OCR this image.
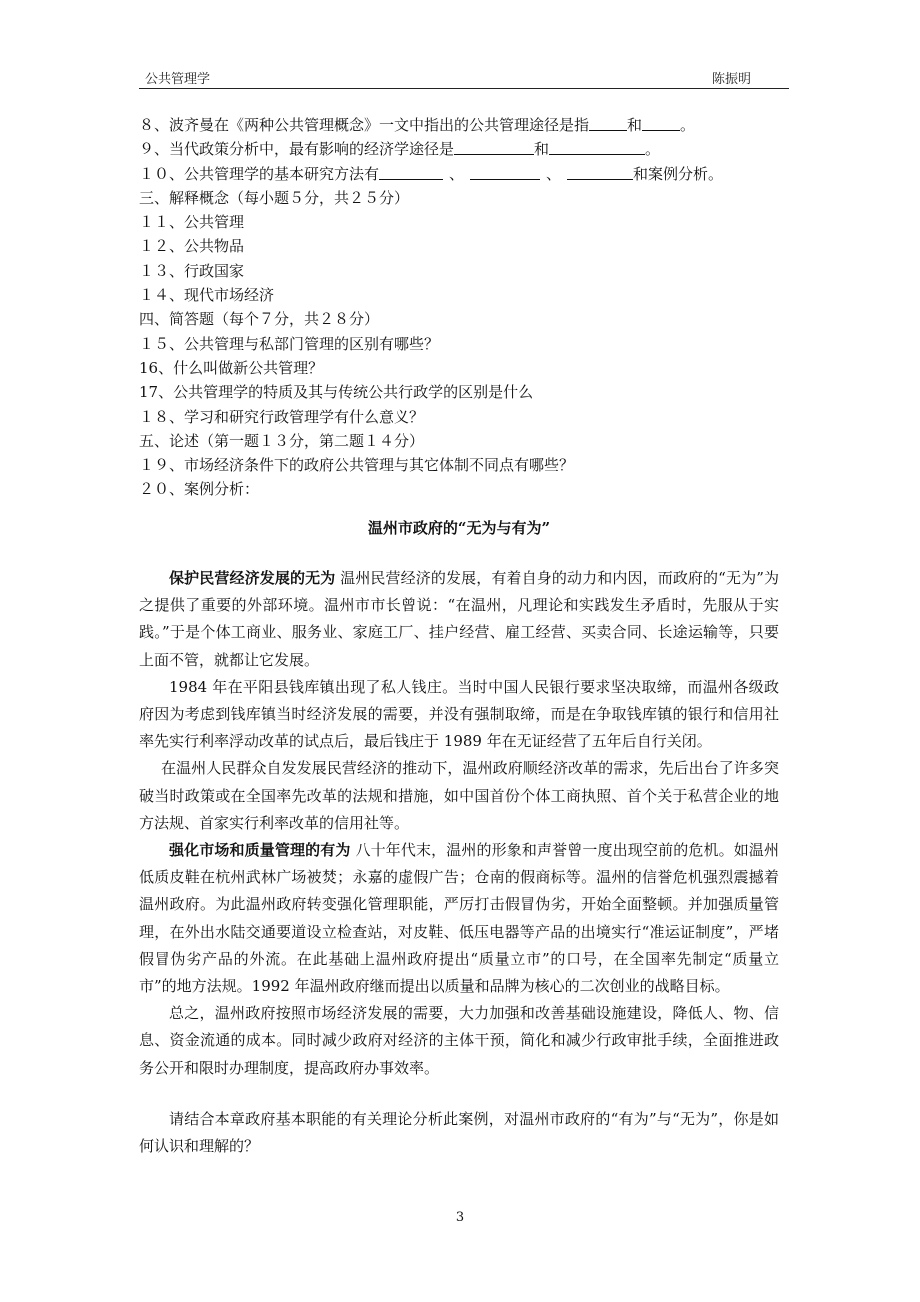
公共管理学	陈振明
８、波齐曼在《两种公共管理概念》一文中指出的公共管理途径是指	和	。
９、当代政策分析中，最有影响的经济学途径是	和	。
１０、公共管理学的基本研究方法有	、	、	和案例分析。
三、解释概念（每小题５分，共２５分）
１１、公共管理
１２、公共物品
１３、行政国家
１４、现代市场经济
四、简答题（每个７分，共２８分）
１５、公共管理与私部门管理的区别有哪些？
16、什么叫做新公共管理？
17、公共管理学的特质及其与传统公共行政学的区别是什么
１８、学习和研究行政管理学有什么意义？
五、论述（第一题１３分，第二题１４分）
１９、市场经济条件下的政府公共管理与其它体制不同点有哪些？
２０、案例分析：
温州市政府的“无为与有为”

保护民营经济发展的无为 温州民营经济的发展，有着自身的动力和内因，而政府的“无为”为之提供了重要的外部环境。温州市市长曾说：“在温州，凡理论和实践发生矛盾时，先服从于实践。”于是个体工商业、服务业、家庭工厂、挂户经营、雇工经营、买卖合同、长途运输等，只要上面不管，就都让它发展。

1984 年在平阳县钱库镇出现了私人钱庄。当时中国人民银行要求坚决取缔，而温州各级政府因为考虑到钱库镇当时经济发展的需要，并没有强制取缔，而是在争取钱库镇的银行和信用社率先实行利率浮动改革的试点后，最后钱庄于 1989 年在无证经营了五年后自行关闭。

在温州人民群众自发发展民营经济的推动下，温州政府顺经济改革的需求，先后出台了许多突破当时政策或在全国率先改革的法规和措施，如中国首份个体工商执照、首个关于私营企业的地方法规、首家实行利率改革的信用社等。

强化市场和质量管理的有为 八十年代末，温州的形象和声誉曾一度出现空前的危机。如温州低质皮鞋在杭州武林广场被焚；永嘉的虚假广告；仓南的假商标等。温州的信誉危机强烈震撼着温州政府。为此温州政府转变强化管理职能，严厉打击假冒伪劣，开始全面整顿。并加强质量管理，在外出水陆交通要道设立检查站，对皮鞋、低压电器等产品的出境实行“准运证制度”，严堵假冒伪劣产品的外流。在此基础上温州政府提出“质量立市”的口号，在全国率先制定“质量立市”的地方法规。1992 年温州政府继而提出以质量和品牌为核心的二次创业的战略目标。

总之，温州政府按照市场经济发展的需要，大力加强和改善基础设施建设，降低人、物、信息、资金流通的成本。同时减少政府对经济的主体干预，简化和减少行政审批手续，全面推进政务公开和限时办理制度，提高政府办事效率。

请结合本章政府基本职能的有关理论分析此案例，对温州市政府的“有为”与“无为”，你是如何认识和理解的？

3
